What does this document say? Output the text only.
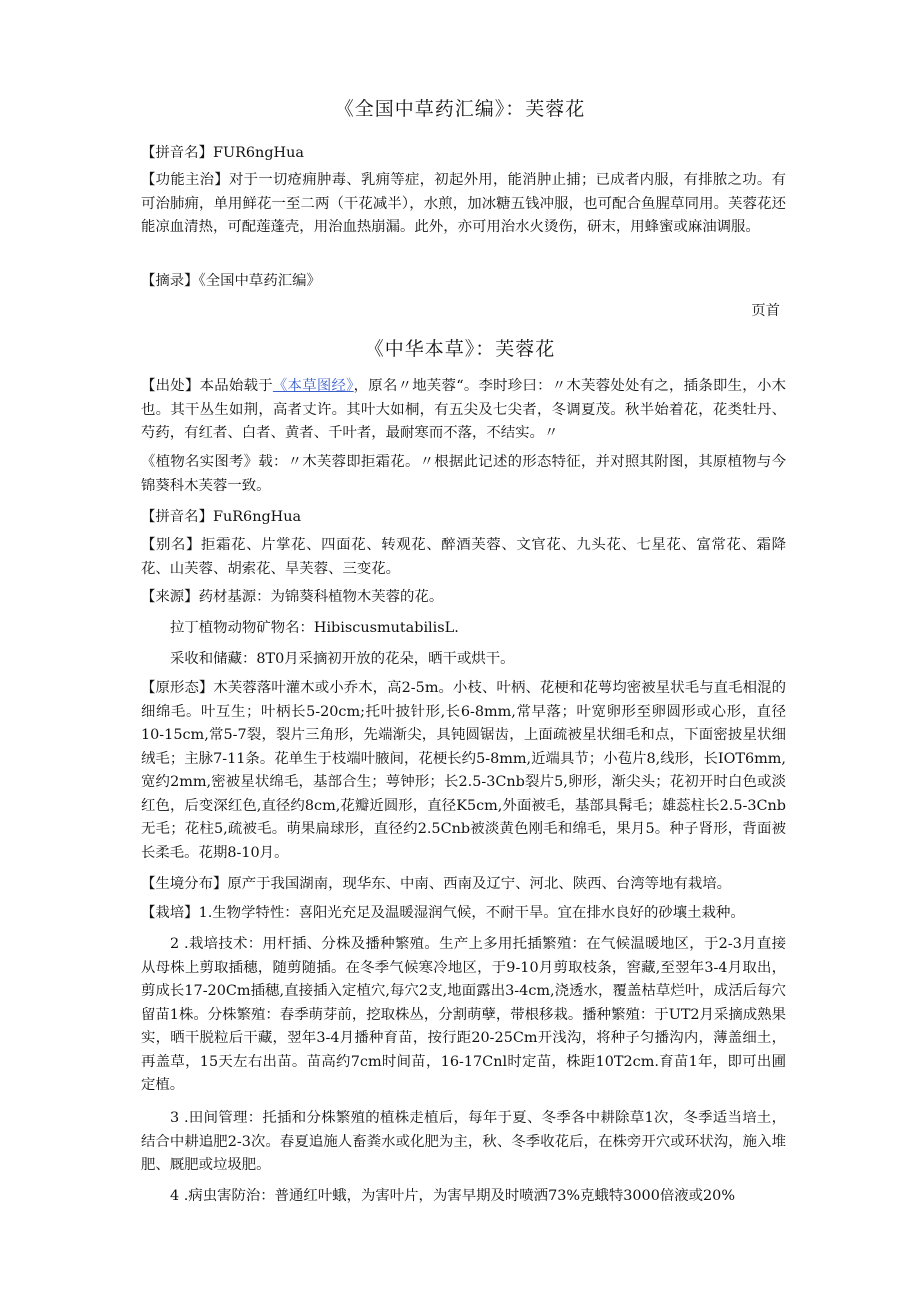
《全国中草药汇编》：芙蓉花
【拼音名】FUR6ngHua
【功能主治】对于一切疮痈肿毒、乳痈等症，初起外用，能消肿止捕；已成者内服，有排脓之功。有可治肺痈，单用鲜花一至二两（干花减半），水煎，加冰糖五钱冲服，也可配合鱼腥草同用。芙蓉花还能凉血清热，可配莲蓬壳，用治血热崩漏。此外，亦可用治水火烫伤，研末，用蜂蜜或麻油调服。
【摘录】《全国中草药汇编》
页首
《中华本草》：芙蓉花
【出处】本品始载于《本草图经》，原名〃地芙蓉“。李时珍曰：〃木芙蓉处处有之，插条即生，小木也。其干丛生如荆，高者丈许。其叶大如桐，有五尖及七尖者，冬调夏茂。秋半始着花，花类牡丹、芍药，有红者、白者、黄者、千叶者，最耐寒而不落，不结实。〃
《植物名实图考》载：〃木芙蓉即拒霜花。〃根据此记述的形态特征，并对照其附图，其原植物与今锦葵科木芙蓉一致。
【拼音名】FuR6ngHua
【别名】拒霜花、片掌花、四面花、转观花、醉酒芙蓉、文官花、九头花、七星花、富常花、霜降花、山芙蓉、胡索花、旱芙蓉、三变花。
【来源】药材基源：为锦葵科植物木芙蓉的花。
拉丁植物动物矿物名：HibiscusmutabilisL.
采收和储藏：8T0月采摘初开放的花朵，晒干或烘干。
【原形态】木芙蓉落叶灌木或小乔木，高2-5m。小枝、叶柄、花梗和花萼均密被星状毛与直毛相混的细绵毛。叶互生；叶柄长5-20cm;托叶披针形,长6-8mm,常早落；叶宽卵形至卵圆形或心形，直径10-15cm,常5-7裂，裂片三角形，先端渐尖，具钝圆锯齿，上面疏被星状细毛和点，下面密披星状细绒毛；主脉7-11条。花单生于枝端叶腋间，花梗长约5-8mm,近端具节；小苞片8,线形，长IOT6mm,宽约2mm,密被星状绵毛，基部合生；萼钟形；长2.5-3Cnb裂片5,卵形，渐尖头；花初开时白色或淡红色，后变深红色,直径约8cm,花瓣近圆形，直径K5cm,外面被毛，基部具髯毛；雄蕊柱长2.5-3Cnb无毛；花柱5,疏被毛。萌果扁球形，直径约2.5Cnb被淡黄色刚毛和绵毛，果月5。种子肾形，背面被长柔毛。花期8-10月。
【生境分布】原产于我国湖南，现华东、中南、西南及辽宁、河北、陕西、台湾等地有栽培。
【栽培】1.生物学特性：喜阳光充足及温暖湿润气候，不耐干旱。宜在排水良好的砂壤土栽种。
2 .栽培技术：用杆插、分株及播种繁殖。生产上多用托插繁殖：在气候温暖地区，于2-3月直接从母株上剪取插穗，随剪随插。在冬季气候寒冷地区，于9-10月剪取枝条，窖藏,至翌年3-4月取出，剪成长17-20Cm插穗,直接插入定植穴,每穴2支,地面露出3-4cm,浇透水，覆盖枯草烂叶，成活后每穴留苗1株。分株繁殖：春季萌芽前，挖取株丛，分割萌孽，带根移栽。播种繁殖：于UT2月采摘成熟果实，晒干脱粒后干藏，翌年3-4月播种育苗，按行距20-25Cm开浅沟，将种子匀播沟内，薄盖细土，再盖草，15天左右出苗。苗高约7cm时间苗，16-17Cnl时定苗，株距10T2cm.育苗1年，即可出圃定植。
3 .田间管理：托插和分株繁殖的植株走植后，每年于夏、冬季各中耕除草1次，冬季适当培土，结合中耕追肥2-3次。春夏追施人畜粪水或化肥为主，秋、冬季收花后，在株旁开穴或环状沟，施入堆肥、厩肥或垃圾肥。
4 .病虫害防治：普通红叶蛾，为害叶片，为害早期及时喷洒73%克蛾特3000倍液或20%
